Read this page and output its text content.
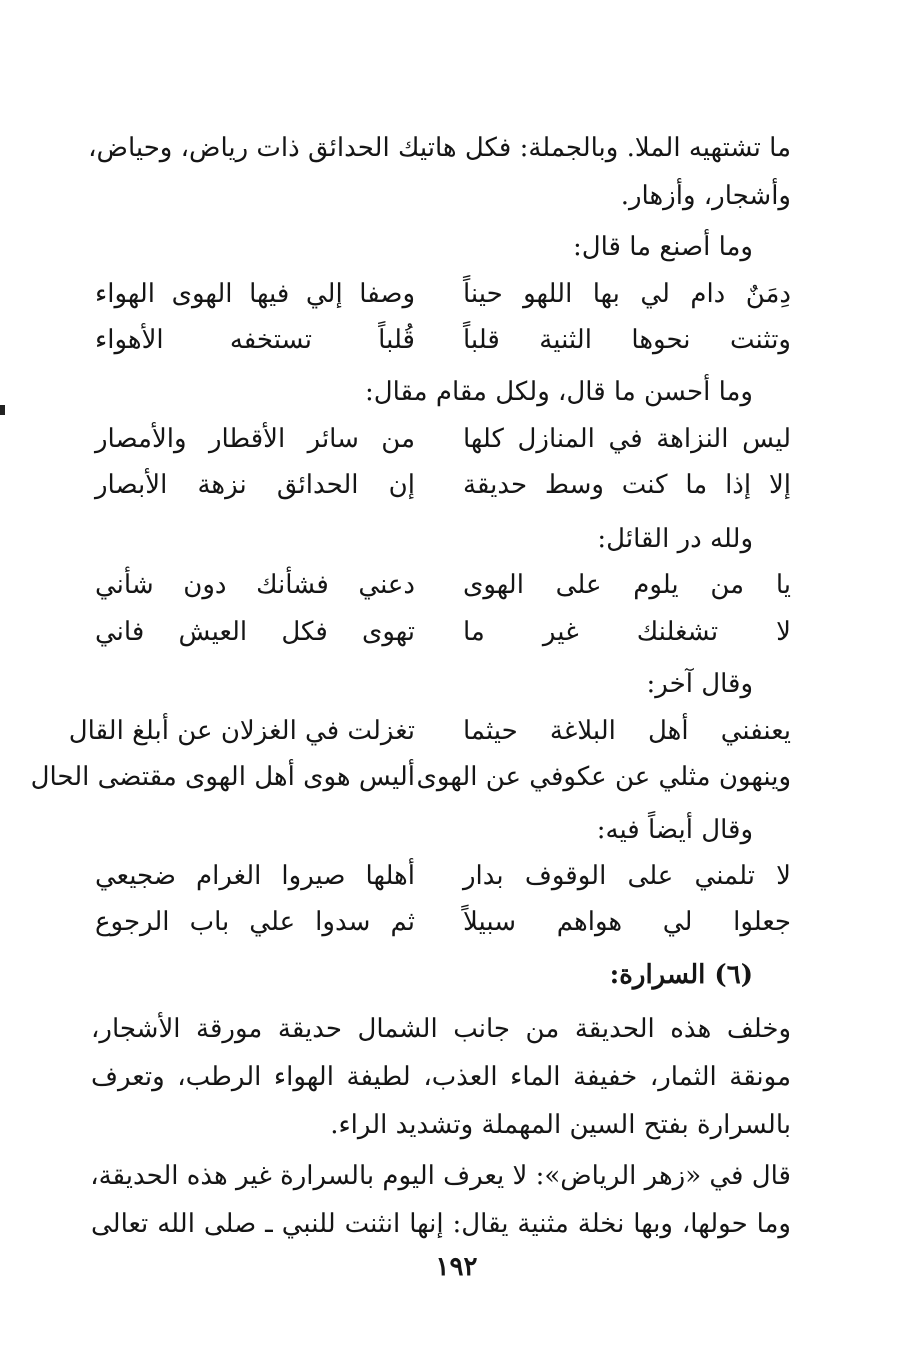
ما تشتهيه الملا. وبالجملة: فكل هاتيك الحدائق ذات رياض، وحياض،
وأشجار، وأزهار.
وما أصنع ما قال:
دِمَنٌ دام لي بها اللهو حيناً
وصفا إلي فيها الهوى الهواء
وتثنت نحوها الثنية قلباً
قُلباً تستخفه الأهواء
وما أحسن ما قال، ولكل مقام مقال:
ليس النزاهة في المنازل كلها
من سائر الأقطار والأمصار
إلا إذا ما كنت وسط حديقة
إن الحدائق نزهة الأبصار
ولله در القائل:
يا من يلوم على الهوى
دعني فشأنك دون شأني
لا تشغلنك غير ما
تهوى فكل العيش فاني
وقال آخر:
يعنفني أهل البلاغة حيثما
تغزلت في الغزلان عن أبلغ القال
وينهون مثلي عن عكوفي عن الهوى
أليس هوى أهل الهوى مقتضى الحال
وقال أيضاً فيه:
لا تلمني على الوقوف بدار
أهلها صيروا الغرام ضجيعي
جعلوا لي هواهم سبيلاً
ثم سدوا علي باب الرجوع
(٦) السرارة:
وخلف هذه الحديقة من جانب الشمال حديقة مورقة الأشجار،
مونقة الثمار، خفيفة الماء العذب، لطيفة الهواء الرطب، وتعرف
بالسرارة بفتح السين المهملة وتشديد الراء.
قال في «زهر الرياض»: لا يعرف اليوم بالسرارة غير هذه الحديقة،
وما حولها، وبها نخلة مثنية يقال: إنها انثنت للنبي ـ صلى الله تعالى
١٩٢
